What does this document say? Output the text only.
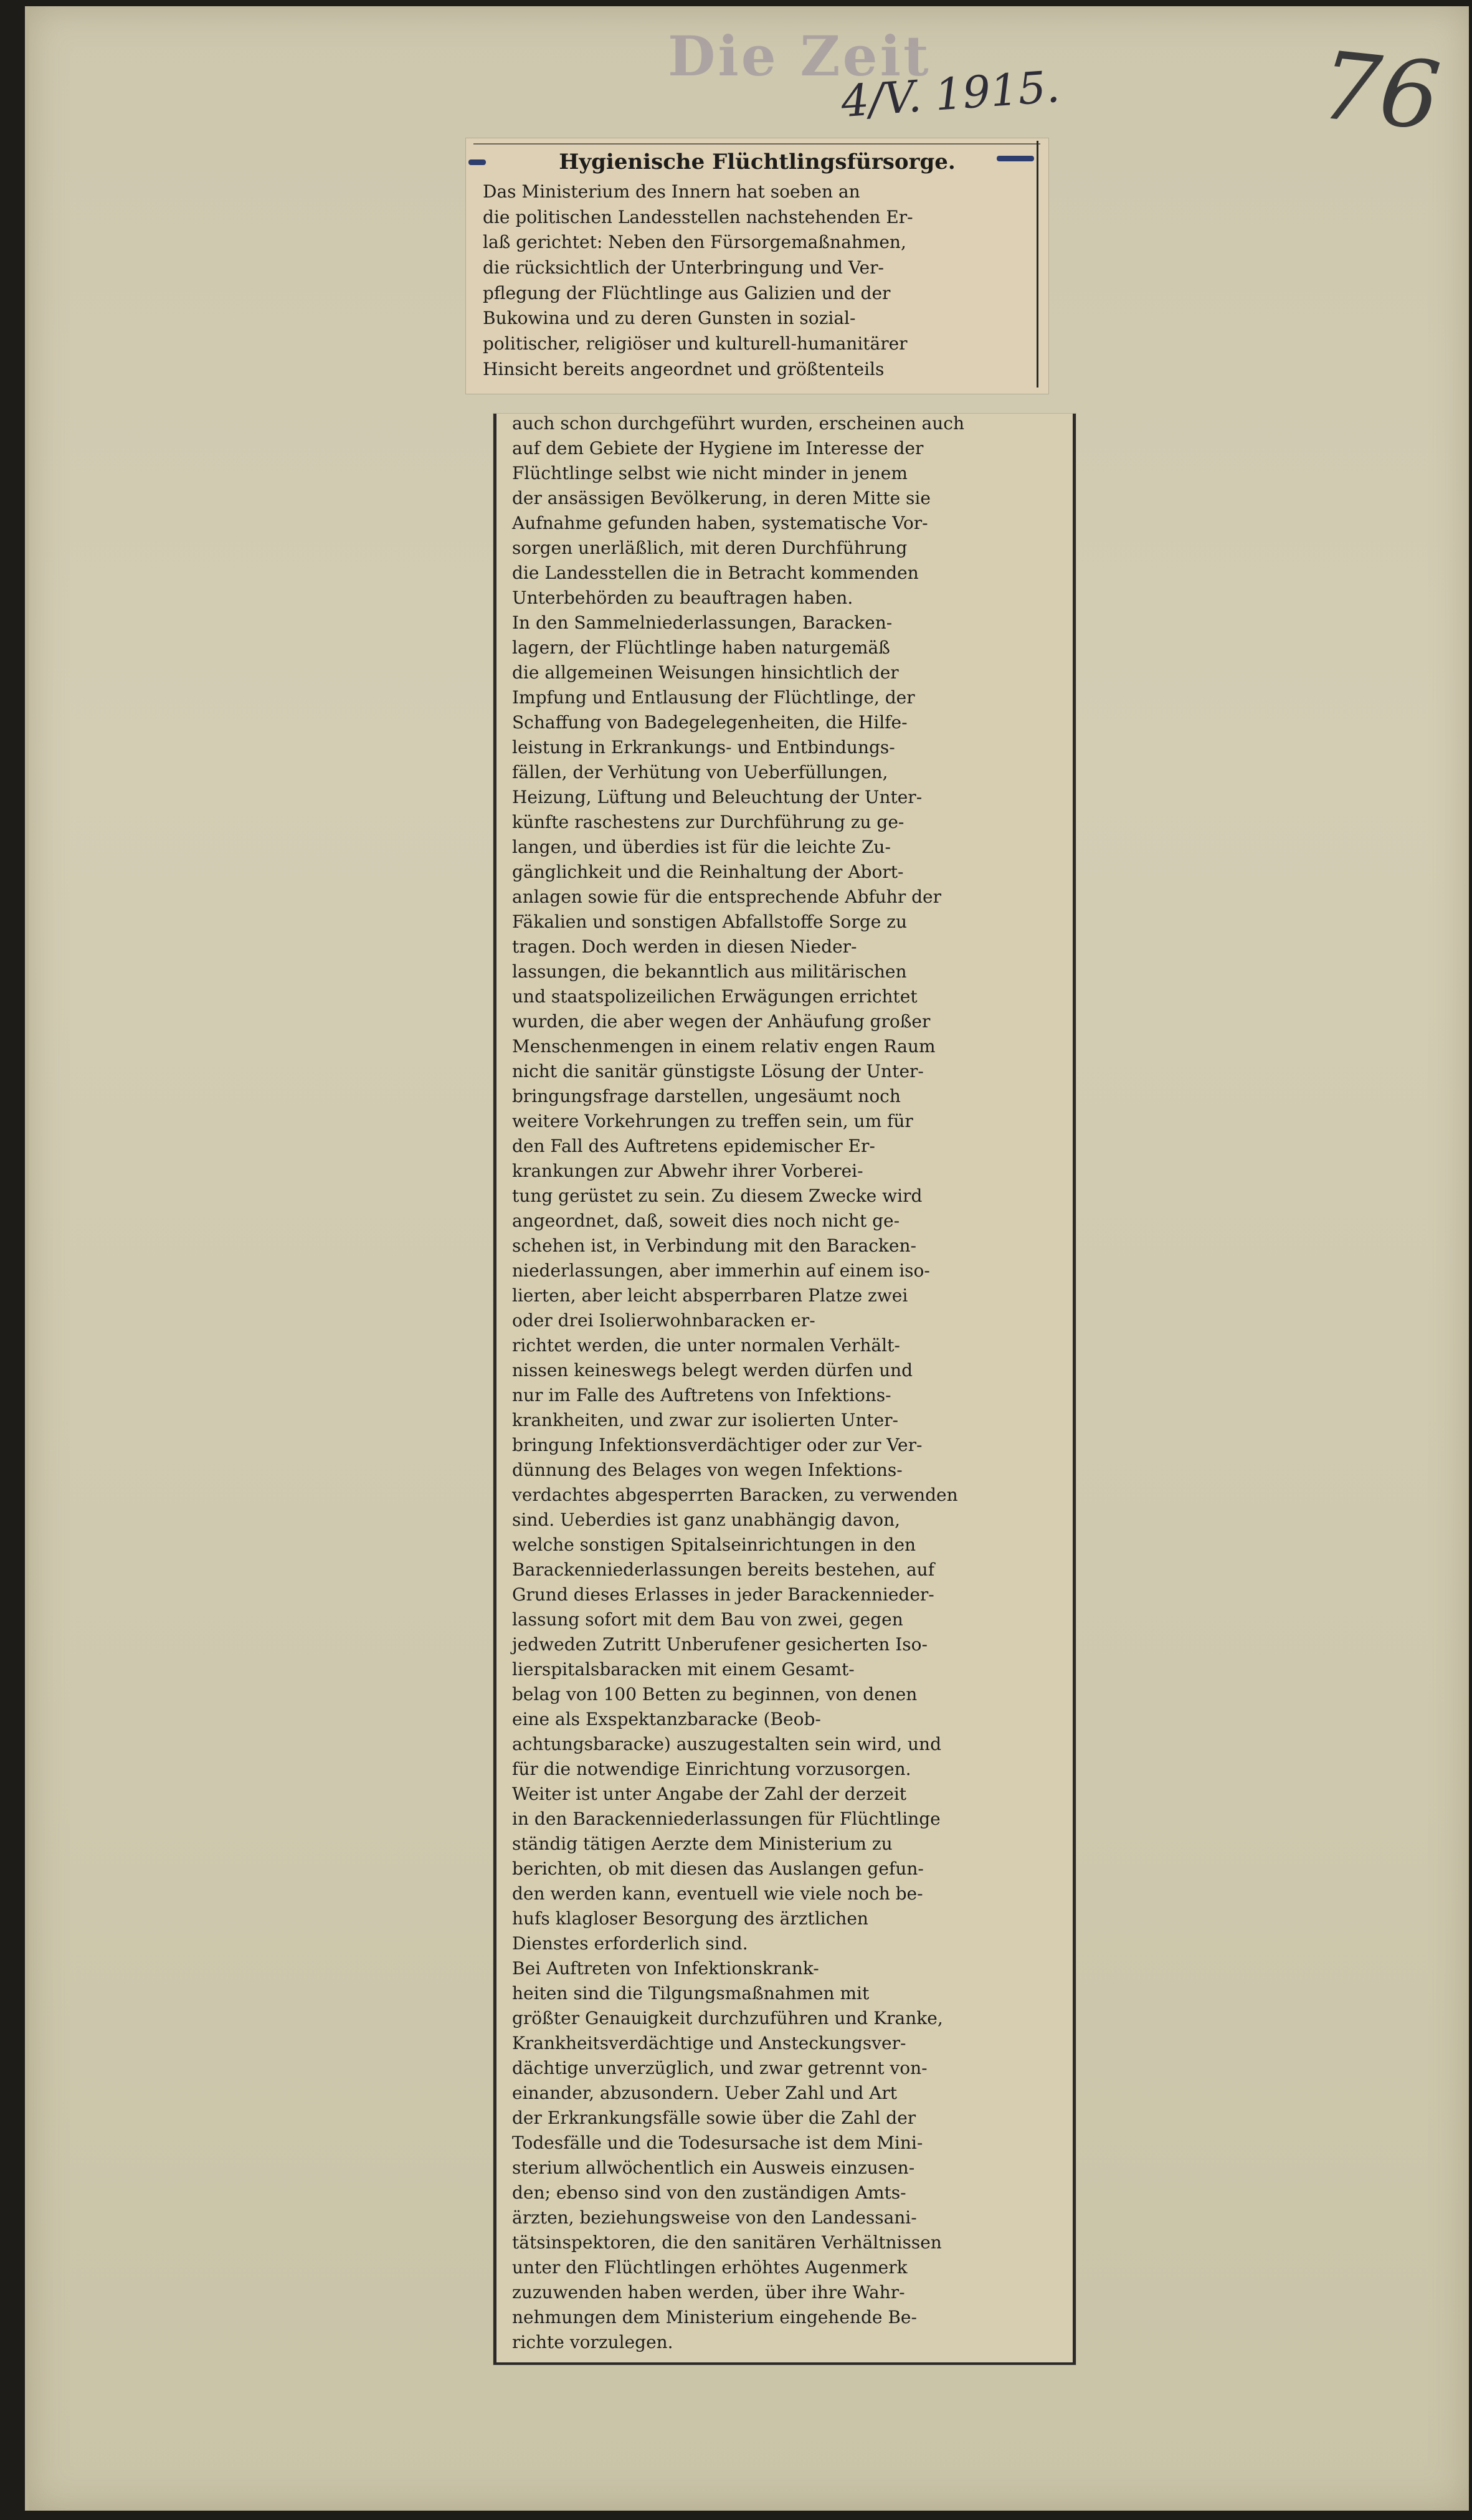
Die Zeit
4/V. 1915.	76
Hygienische Flüchtlingsfürsorge.
Das Ministerium des Innern hat soeben an
die politischen Landesstellen nachstehenden Er-
laß gerichtet: Neben den Fürsorgemaßnahmen,
die rücksichtlich der Unterbringung und Ver-
pflegung der Flüchtlinge aus Galizien und der
Bukowina und zu deren Gunsten in sozial-
politischer, religiöser und kulturell-humanitärer
Hinsicht bereits angeordnet und größtenteils
auch schon durchgeführt wurden, erscheinen auch
auf dem Gebiete der Hygiene im Interesse der
Flüchtlinge selbst wie nicht minder in jenem
der ansässigen Bevölkerung, in deren Mitte sie
Aufnahme gefunden haben, systematische Vor-
sorgen unerläßlich, mit deren Durchführung
die Landesstellen die in Betracht kommenden
Unterbehörden zu beauftragen haben.
In den Sammelniederlassungen, Baracken-
lagern, der Flüchtlinge haben naturgemäß
die allgemeinen Weisungen hinsichtlich der
Impfung und Entlausung der Flüchtlinge, der
Schaffung von Badegelegenheiten, die Hilfe-
leistung in Erkrankungs- und Entbindungs-
fällen, der Verhütung von Ueberfüllungen,
Heizung, Lüftung und Beleuchtung der Unter-
künfte raschestens zur Durchführung zu ge-
langen, und überdies ist für die leichte Zu-
gänglichkeit und die Reinhaltung der Abort-
anlagen sowie für die entsprechende Abfuhr der
Fäkalien und sonstigen Abfallstoffe Sorge zu
tragen. Doch werden in diesen Nieder-
lassungen, die bekanntlich aus militärischen
und staatspolizeilichen Erwägungen errichtet
wurden, die aber wegen der Anhäufung großer
Menschenmengen in einem relativ engen Raum
nicht die sanitär günstigste Lösung der Unter-
bringungsfrage darstellen, ungesäumt noch
weitere Vorkehrungen zu treffen sein, um für
den Fall des Auftretens epidemischer Er-
krankungen zur Abwehr ihrer Vorberei-
tung gerüstet zu sein. Zu diesem Zwecke wird
angeordnet, daß, soweit dies noch nicht ge-
schehen ist, in Verbindung mit den Baracken-
niederlassungen, aber immerhin auf einem iso-
lierten, aber leicht absperrbaren Platze zwei
oder drei Isolierwohnbaracken er-
richtet werden, die unter normalen Verhält-
nissen keineswegs belegt werden dürfen und
nur im Falle des Auftretens von Infektions-
krankheiten, und zwar zur isolierten Unter-
bringung Infektionsverdächtiger oder zur Ver-
dünnung des Belages von wegen Infektions-
verdachtes abgesperrten Baracken, zu verwenden
sind. Ueberdies ist ganz unabhängig davon,
welche sonstigen Spitalseinrichtungen in den
Barackenniederlassungen bereits bestehen, auf
Grund dieses Erlasses in jeder Barackennieder-
lassung sofort mit dem Bau von zwei, gegen
jedweden Zutritt Unberufener gesicherten Iso-
lierspitalsbaracken mit einem Gesamt-
belag von 100 Betten zu beginnen, von denen
eine als Exspektanzbaracke (Beob-
achtungsbaracke) auszugestalten sein wird, und
für die notwendige Einrichtung vorzusorgen.
Weiter ist unter Angabe der Zahl der derzeit
in den Barackenniederlassungen für Flüchtlinge
ständig tätigen Aerzte dem Ministerium zu
berichten, ob mit diesen das Auslangen gefun-
den werden kann, eventuell wie viele noch be-
hufs klagloser Besorgung des ärztlichen
Dienstes erforderlich sind.
Bei Auftreten von Infektionskrank-
heiten sind die Tilgungsmaßnahmen mit
größter Genauigkeit durchzuführen und Kranke,
Krankheitsverdächtige und Ansteckungsver-
dächtige unverzüglich, und zwar getrennt von-
einander, abzusondern. Ueber Zahl und Art
der Erkrankungsfälle sowie über die Zahl der
Todesfälle und die Todesursache ist dem Mini-
sterium allwöchentlich ein Ausweis einzusen-
den; ebenso sind von den zuständigen Amts-
ärzten, beziehungsweise von den Landessani-
tätsinspektoren, die den sanitären Verhältnissen
unter den Flüchtlingen erhöhtes Augenmerk
zuzuwenden haben werden, über ihre Wahr-
nehmungen dem Ministerium eingehende Be-
richte vorzulegen.
